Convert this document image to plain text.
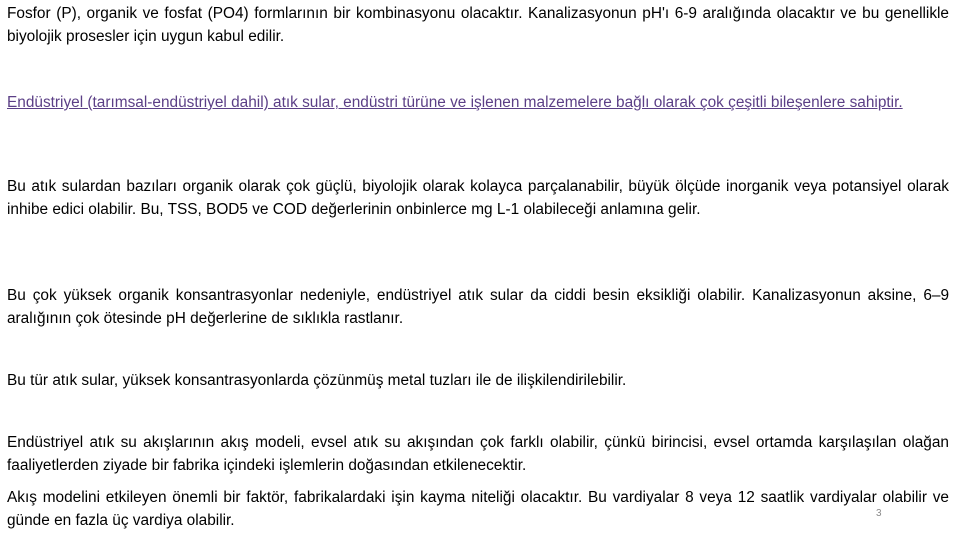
Fosfor (P), organik ve fosfat (PO4) formlarının bir kombinasyonu olacaktır. Kanalizasyonun pH'ı 6-9 aralığında olacaktır ve bu genellikle biyolojik prosesler için uygun kabul edilir.

Endüstriyel (tarımsal-endüstriyel dahil) atık sular, endüstri türüne ve işlenen malzemelere bağlı olarak çok çeşitli bileşenlere sahiptir.

Bu atık sulardan bazıları organik olarak çok güçlü, biyolojik olarak kolayca parçalanabilir, büyük ölçüde inorganik veya potansiyel olarak inhibe edici olabilir. Bu, TSS, BOD5 ve COD değerlerinin onbinlerce mg L-1 olabileceği anlamına gelir.

Bu çok yüksek organik konsantrasyonlar nedeniyle, endüstriyel atık sular da ciddi besin eksikliği olabilir. Kanalizasyonun aksine, 6–9 aralığının çok ötesinde pH değerlerine de sıklıkla rastlanır.

Bu tür atık sular, yüksek konsantrasyonlarda çözünmüş metal tuzları ile de ilişkilendirilebilir.

Endüstriyel atık su akışlarının akış modeli, evsel atık su akışından çok farklı olabilir, çünkü birincisi, evsel ortamda karşılaşılan olağan faaliyetlerden ziyade bir fabrika içindeki işlemlerin doğasından etkilenecektir.

Akış modelini etkileyen önemli bir faktör, fabrikalardaki işin kayma niteliği olacaktır. Bu vardiyalar 8 veya 12 saatlik vardiyalar olabilir ve günde en fazla üç vardiya olabilir.	3
